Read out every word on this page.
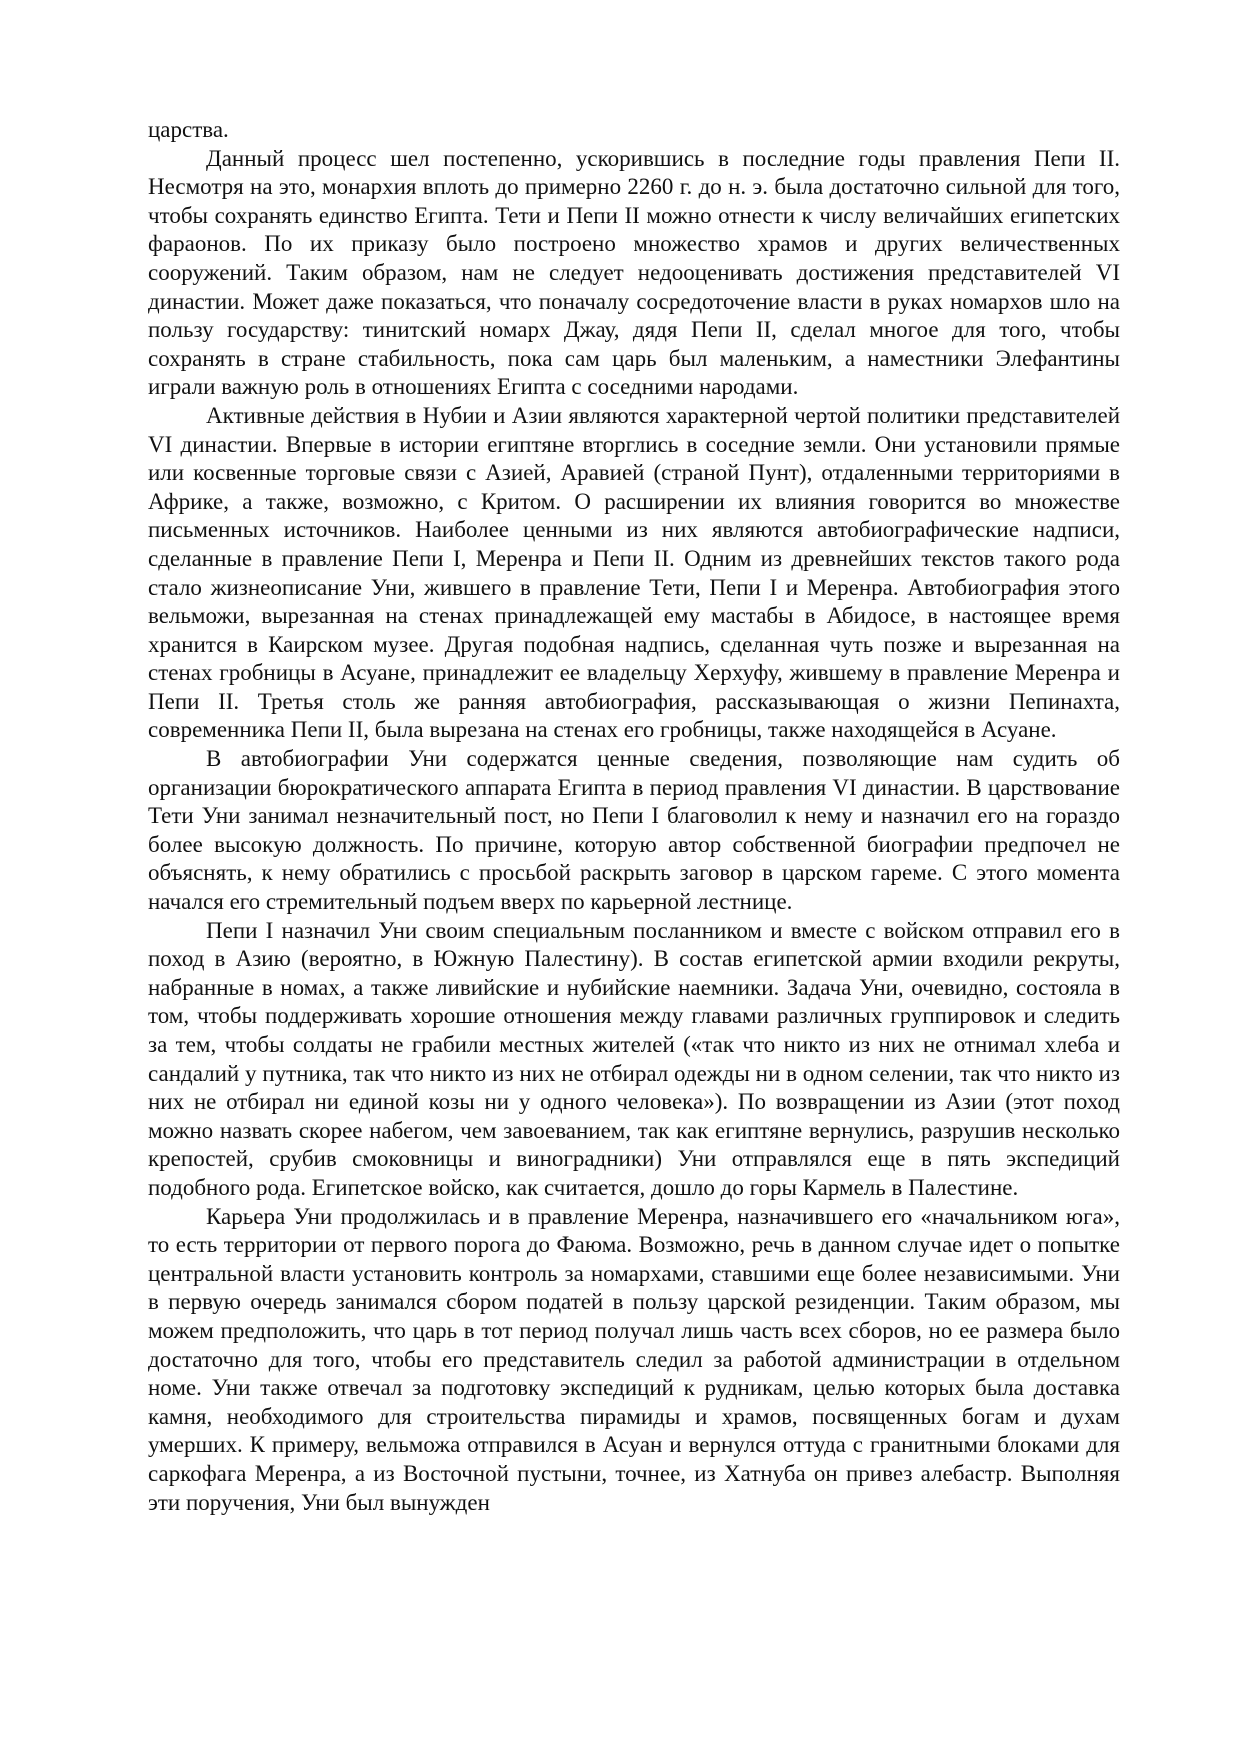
царства.

Данный процесс шел постепенно, ускорившись в последние годы правления Пепи II. Несмотря на это, монархия вплоть до примерно 2260 г. до н. э. была достаточно сильной для того, чтобы сохранять единство Египта. Тети и Пепи II можно отнести к числу величайших египетских фараонов. По их приказу было построено множество храмов и других величественных сооружений. Таким образом, нам не следует недооценивать достижения представителей VI династии. Может даже показаться, что поначалу сосредоточение власти в руках номархов шло на пользу государству: тинитский номарх Джау, дядя Пепи II, сделал многое для того, чтобы сохранять в стране стабильность, пока сам царь был маленьким, а наместники Элефантины играли важную роль в отношениях Египта с соседними народами.

Активные действия в Нубии и Азии являются характерной чертой политики представителей VI династии. Впервые в истории египтяне вторглись в соседние земли. Они установили прямые или косвенные торговые связи с Азией, Аравией (страной Пунт), отдаленными территориями в Африке, а также, возможно, с Критом. О расширении их влияния говорится во множестве письменных источников. Наиболее ценными из них являются автобиографические надписи, сделанные в правление Пепи I, Меренра и Пепи II. Одним из древнейших текстов такого рода стало жизнеописание Уни, жившего в правление Тети, Пепи I и Меренра. Автобиография этого вельможи, вырезанная на стенах принадлежащей ему мастабы в Абидосе, в настоящее время хранится в Каирском музее. Другая подобная надпись, сделанная чуть позже и вырезанная на стенах гробницы в Асуане, принадлежит ее владельцу Херхуфу, жившему в правление Меренра и Пепи II. Третья столь же ранняя автобиография, рассказывающая о жизни Пепинахта, современника Пепи II, была вырезана на стенах его гробницы, также находящейся в Асуане.

В автобиографии Уни содержатся ценные сведения, позволяющие нам судить об организации бюрократического аппарата Египта в период правления VI династии. В царствование Тети Уни занимал незначительный пост, но Пепи I благоволил к нему и назначил его на гораздо более высокую должность. По причине, которую автор собственной биографии предпочел не объяснять, к нему обратились с просьбой раскрыть заговор в царском гареме. С этого момента начался его стремительный подъем вверх по карьерной лестнице.

Пепи I назначил Уни своим специальным посланником и вместе с войском отправил его в поход в Азию (вероятно, в Южную Палестину). В состав египетской армии входили рекруты, набранные в номах, а также ливийские и нубийские наемники. Задача Уни, очевидно, состояла в том, чтобы поддерживать хорошие отношения между главами различных группировок и следить за тем, чтобы солдаты не грабили местных жителей («так что никто из них не отнимал хлеба и сандалий у путника, так что никто из них не отбирал одежды ни в одном селении, так что никто из них не отбирал ни единой козы ни у одного человека»). По возвращении из Азии (этот поход можно назвать скорее набегом, чем завоеванием, так как египтяне вернулись, разрушив несколько крепостей, срубив смоковницы и виноградники) Уни отправлялся еще в пять экспедиций подобного рода. Египетское войско, как считается, дошло до горы Кармель в Палестине.

Карьера Уни продолжилась и в правление Меренра, назначившего его «начальником юга», то есть территории от первого порога до Фаюма. Возможно, речь в данном случае идет о попытке центральной власти установить контроль за номархами, ставшими еще более независимыми. Уни в первую очередь занимался сбором податей в пользу царской резиденции. Таким образом, мы можем предположить, что царь в тот период получал лишь часть всех сборов, но ее размера было достаточно для того, чтобы его представитель следил за работой администрации в отдельном номе. Уни также отвечал за подготовку экспедиций к рудникам, целью которых была доставка камня, необходимого для строительства пирамиды и храмов, посвященных богам и духам умерших. К примеру, вельможа отправился в Асуан и вернулся оттуда с гранитными блоками для саркофага Меренра, а из Восточной пустыни, точнее, из Хатнуба он привез алебастр. Выполняя эти поручения, Уни был вынужден
